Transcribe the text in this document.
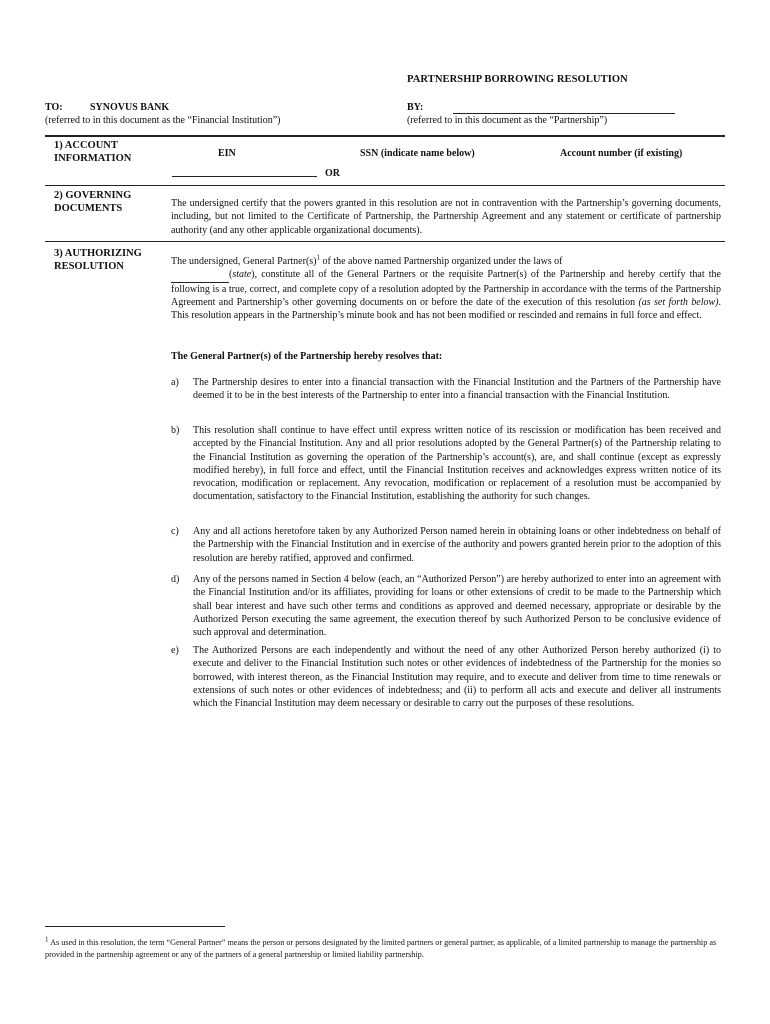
PARTNERSHIP BORROWING RESOLUTION
TO:	SYNOVUS BANK
(referred to in this document as the “Financial Institution”)
BY:
(referred to in this document as the “Partnership”)
1) ACCOUNT
INFORMATION	EIN	SSN (indicate name below)	Account number (if existing)
OR
2) GOVERNING
DOCUMENTS	The undersigned certify that the powers granted in this resolution are not in contravention with the Partnership’s governing documents, including, but not limited to the Certificate of Partnership, the Partnership Agreement and any statement or certificate of partnership authority (and any other applicable organizational documents).
3) AUTHORIZING
RESOLUTION	The undersigned, General $Partner(s)^1$ of the above named Partnership organized under the laws of
(state), constitute all of the General Partners or the requisite Partner(s) of the Partnership and hereby certify that the following is a true, correct, and complete copy of a resolution adopted by the Partnership in accordance with the terms of the Partnership Agreement and Partnership’s other governing documents on or before the date of the execution of this resolution (as set forth below). This resolution appears in the Partnership’s minute book and has not been modified or rescinded and remains in full force and effect.
The General Partner(s) of the Partnership hereby resolves that:
a) The Partnership desires to enter into a financial transaction with the Financial Institution and the Partners of the Partnership have deemed it to be in the best interests of the Partnership to enter into a financial transaction with the Financial Institution.
b) This resolution shall continue to have effect until express written notice of its rescission or modification has been received and accepted by the Financial Institution. Any and all prior resolutions adopted by the General Partner(s) of the Partnership relating to the Financial Institution as governing the operation of the Partnership’s account(s), are, and shall continue (except as expressly modified hereby), in full force and effect, until the Financial Institution receives and acknowledges express written notice of its revocation, modification or replacement. Any revocation, modification or replacement of a resolution must be accompanied by documentation, satisfactory to the Financial Institution, establishing the authority for such changes.
c) Any and all actions heretofore taken by any Authorized Person named herein in obtaining loans or other indebtedness on behalf of the Partnership with the Financial Institution and in exercise of the authority and powers granted herein prior to the adoption of this resolution are hereby ratified, approved and confirmed.
d) Any of the persons named in Section 4 below (each, an “Authorized Person”) are hereby authorized to enter into an agreement with the Financial Institution and/or its affiliates, providing for loans or other extensions of credit to be made to the Partnership which shall bear interest and have such other terms and conditions as approved and deemed necessary, appropriate or desirable by the Authorized Person executing the same agreement, the execution thereof by such Authorized Person to be conclusive evidence of such approval and determination.
e) The Authorized Persons are each independently and without the need of any other Authorized Person hereby authorized (i) to execute and deliver to the Financial Institution such notes or other evidences of indebtedness of the Partnership for the monies so borrowed, with interest thereon, as the Financial Institution may require, and to execute and deliver from time to time renewals or extensions of such notes or other evidences of indebtedness; and (ii) to perform all acts and execute and deliver all instruments which the Financial Institution may deem necessary or desirable to carry out the purposes of these resolutions.
$^1$ As used in this resolution, the term “General Partner” means the person or persons designated by the limited partners or general partner, as applicable, of a limited partnership to manage the partnership as provided in the partnership agreement or any of the partners of a general partnership or limited liability partnership.
